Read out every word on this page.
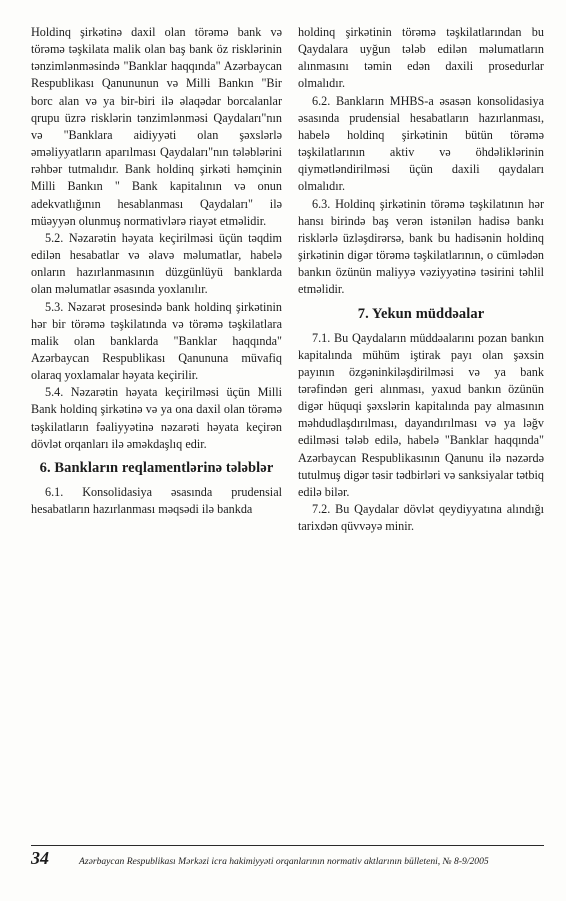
Holdinq şirkətinə daxil olan törəmə bank və törəmə təşkilata malik olan baş bank öz risklərinin tənzimlənməsində "Banklar haqqında" Azərbaycan Respublikası Qanununun və Milli Bankın "Bir borc alan və ya bir-biri ilə əlaqədar borcalanlar qrupu üzrə risklərin tənzimlənməsi Qaydaları"nın və "Banklara aidiyyəti olan şəxslərlə əməliyyatların aparılması Qaydaları"nın tələblərini rəhbər tutmalıdır. Bank holdinq şirkəti həmçinin Milli Bankın " Bank kapitalının və onun adekvatlığının hesablanması Qaydaları" ilə müəyyən olunmuş normativlərə riayət etməlidir.

5.2. Nəzarətin həyata keçirilməsi üçün təqdim edilən hesabatlar və əlavə məlumatlar, habelə onların hazırlanmasının düzgünlüyü banklarda olan məlumatlar əsasında yoxlanılır.

5.3. Nəzarət prosesində bank holdinq şirkətinin hər bir törəmə təşkilatında və törəmə təşkilatlara malik olan banklarda "Banklar haqqında" Azərbaycan Respublikası Qanununa müvafiq olaraq yoxlamalar həyata keçirilir.

5.4. Nəzarətin həyata keçirilməsi üçün Milli Bank holdinq şirkətinə və ya ona daxil olan törəmə təşkilatların fəaliyyətinə nəzarəti həyata keçirən dövlət orqanları ilə əməkdaşlıq edir.

6. Bankların reqlamentlərinə tələblər

6.1. Konsolidasiya əsasında prudensial hesabatların hazırlanması məqsədi ilə bankda

holdinq şirkətinin törəmə təşkilatlarından bu Qaydalara uyğun tələb edilən məlumatların alınmasını təmin edən daxili prosedurlar olmalıdır.

6.2. Bankların MHBS-a əsasən konsolidasiya əsasında prudensial hesabatların hazırlanması, habelə holdinq şirkətinin bütün törəmə təşkilatlarının aktiv və öhdəliklərinin qiymətləndirilməsi üçün daxili qaydaları olmalıdır.

6.3. Holdinq şirkətinin törəmə təşkilatının hər hansı birində baş verən istənilən hadisə bankı risklərlə üzləşdirərsə, bank bu hadisənin holdinq şirkətinin digər törəmə təşkilatlarının, o cümlədən bankın özünün maliyyə vəziyyətinə təsirini təhlil etməlidir.

7. Yekun müddəalar

7.1. Bu Qaydaların müddəalarını pozan bankın kapitalında mühüm iştirak payı olan şəxsin payının özgəninkiləşdirilməsi və ya bank tərəfindən geri alınması, yaxud bankın özünün digər hüquqi şəxslərin kapitalında pay almasının məhdudlaşdırılması, dayandırılması və ya ləğv edilməsi tələb edilə, habelə "Banklar haqqında" Azərbaycan Respublikasının Qanunu ilə nəzərdə tutulmuş digər təsir tədbirləri və sanksiyalar tətbiq edilə bilər.

7.2. Bu Qaydalar dövlət qeydiyyatına alındığı tarixdən qüvvəyə minir.

34	Azərbaycan Respublikası Mərkəzi icra hakimiyyəti orqanlarının normativ aktlarının bülleteni, № 8-9/2005
